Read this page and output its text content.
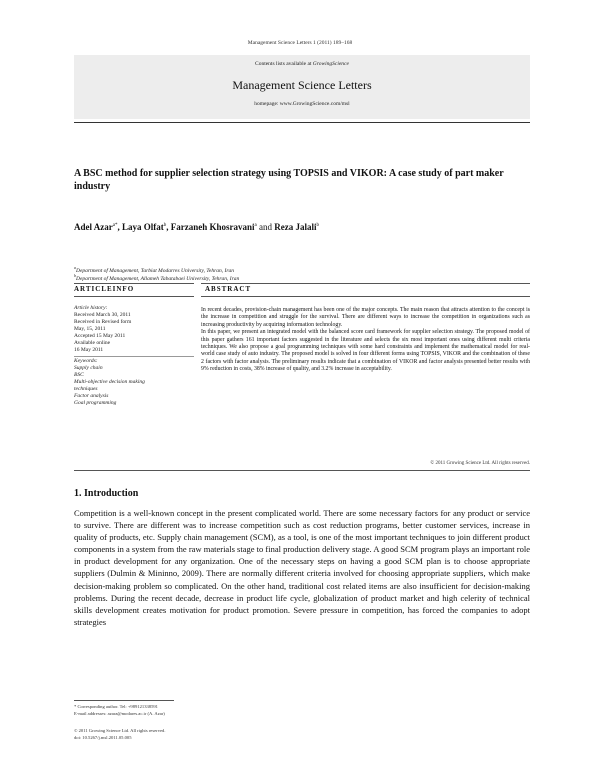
Management Science Letters 1 (2011) 189–168
Contents lists available at GrowingScience
Management Science Letters
homepage: www.GrowingScience.com/msl
A BSC method for supplier selection strategy using TOPSIS and VIKOR: A case study of part maker industry
Adel Azar$^{a*}$, Laya Olfat$^b$, Farzaneh Khosravani$^a$ and Reza Jalali$^b$
$^a$Department of Management, Tarbiat Modarres University, Tehran, Iran
$^b$Department of Management, Allameh Tabatabaei University, Tehran, Iran
ARTICLEINFO	ABSTRACT
Article history:
Received March 30, 2011
Received in Revised form
May, 15, 2011
Accepted 15 May 2011
Available online
16 May 2011
Keywords:
Supply chain
BSC
Multi-objective decision making
techniques
Factor analysis
Goal programming

In recent decades, provision-chain management has been one of the major concepts. The main reason that attracts attention to the concept is the increase in competition and struggle for the survival. There are different ways to increase the competition in organizations such as increasing productivity by acquiring information technology.

In this paper, we present an integrated model with the balanced score card framework for supplier selection strategy. The proposed model of this paper gathers 161 important factors suggested in the literature and selects the six most important ones using different multi criteria techniques. We also propose a goal programming techniques with some hard constraints and implement the mathematical model for real-world case study of auto industry. The proposed model is solved in four different forms using TOPSIS, VIKOR and the combination of these 2 factors with factor analysis. The preliminary results indicate that a combination of VIKOR and factor analysis presented better results with 9% reduction in costs, 38% increase of quality, and 3.2% increase in acceptability.

© 2011 Growing Science Ltd. All rights reserved.
1. Introduction

Competition is a well-known concept in the present complicated world. There are some necessary factors for any product or service to survive. There are different was to increase competition such as cost reduction programs, better customer services, increase in quality of products, etc. Supply chain management (SCM), as a tool, is one of the most important techniques to join different product components in a system from the raw materials stage to final production delivery stage. A good SCM program plays an important role in product development for any organization. One of the necessary steps on having a good SCM plan is to choose appropriate suppliers (Dulmin & Mininno, 2009). There are normally different criteria involved for choosing appropriate suppliers, which make decision-making problem so complicated. On the other hand, traditional cost related items are also insufficient for decision-making problems. During the recent decade, decrease in product life cycle, globalization of product market and high celerity of technical skills development creates motivation for product promotion. Severe pressure in competition, has forced the companies to adopt strategies

* Corresponding author. Tel: +989121338591
E-mail addresses: azara@modares.ac.ir (A. Azar)
© 2011 Growing Science Ltd. All rights reserved.
doi: 10.5267/j.msl.2011.05.005
